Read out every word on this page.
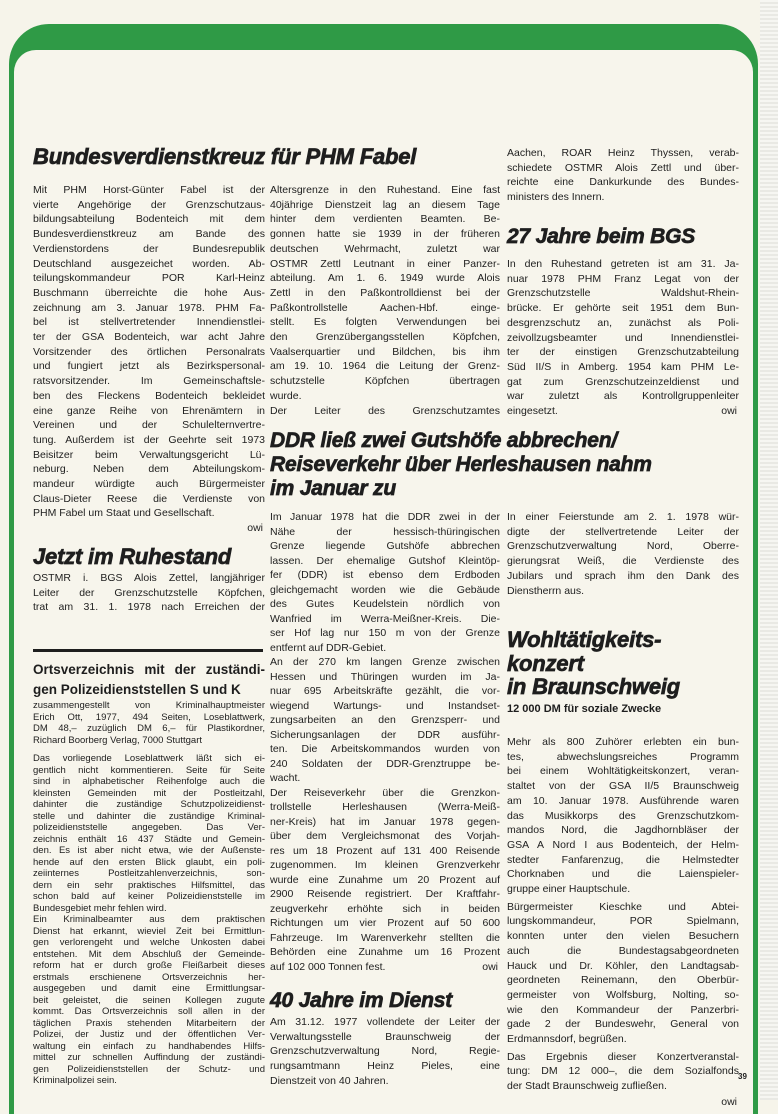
Bundesverdienstkreuz für PHM Fabel
Mit PHM Horst-Günter Fabel ist der
vierte Angehörige der Grenzschutzaus-
bildungsabteilung Bodenteich mit dem
Bundesverdienstkreuz am Bande des
Verdienstordens der Bundesrepublik
Deutschland ausgezeichet worden. Ab-
teilungskommandeur POR Karl-Heinz
Buschmann überreichte die hohe Aus-
zeichnung am 3. Januar 1978. PHM Fa-
bel ist stellvertretender Innendienstlei-
ter der GSA Bodenteich, war acht Jahre
Vorsitzender des örtlichen Personalrats
und fungiert jetzt als Bezirkspersonal-
ratsvorsitzender. Im Gemeinschaftsle-
ben des Fleckens Bodenteich bekleidet
eine ganze Reihe von Ehrenämtern in
Vereinen und der Schulelternvertre-
tung. Außerdem ist der Geehrte seit 1973
Beisitzer beim Verwaltungsgericht Lü-
neburg. Neben dem Abteilungskom-
mandeur würdigte auch Bürgermeister
Claus-Dieter Reese die Verdienste von
PHM Fabel um Staat und Gesellschaft.
owi
Jetzt im Ruhestand
OSTMR i. BGS Alois Zettel, langjähriger
Leiter der Grenzschutzstelle Köpfchen,
trat am 31. 1. 1978 nach Erreichen der
Altersgrenze in den Ruhestand. Eine fast
40jährige Dienstzeit lag an diesem Tage
hinter dem verdienten Beamten. Be-
gonnen hatte sie 1939 in der früheren
deutschen Wehrmacht, zuletzt war
OSTMR Zettl Leutnant in einer Panzer-
abteilung. Am 1. 6. 1949 wurde Alois
Zettl in den Paßkontrolldienst bei der
Paßkontrollstelle Aachen-Hbf. einge-
stellt. Es folgten Verwendungen bei
den Grenzübergangsstellen Köpfchen,
Vaalserquartier und Bildchen, bis ihm
am 19. 10. 1964 die Leitung der Grenz-
schutzstelle Köpfchen übertragen
wurde.
Der Leiter des Grenzschutzamtes
Aachen, ROAR Heinz Thyssen, verab-
schiedete OSTMR Alois Zettl und über-
reichte eine Dankurkunde des Bundes-
ministers des Innern.
27 Jahre beim BGS
In den Ruhestand getreten ist am 31. Ja-
nuar 1978 PHM Franz Legat von der
Grenzschutzstelle Waldshut-Rhein-
brücke. Er gehörte seit 1951 dem Bun-
desgrenzschutz an, zunächst als Poli-
zeivollzugsbeamter und Innendienstlei-
ter der einstigen Grenzschutzabteilung
Süd II/S in Amberg. 1954 kam PHM Le-
gat zum Grenzschutzeinzeldienst und
war zuletzt als Kontrollgruppenleiter
eingesetzt.	owi
Ortsverzeichnis mit der zuständi-
gen Polizeidienststellen S und K
zusammengestellt von Kriminalhauptmeister
Erich Ott, 1977, 494 Seiten, Loseblattwerk,
DM 48,– zuzüglich DM 6,– für Plastikordner,
Richard Boorberg Verlag, 7000 Stuttgart
Das vorliegende Loseblattwerk läßt sich ei-
gentlich nicht kommentieren. Seite für Seite
sind in alphabetischer Reihenfolge auch die
kleinsten Gemeinden mit der Postleitzahl,
dahinter die zuständige Schutzpolizeidienst-
stelle und dahinter die zuständige Kriminal-
polizeidienststelle angegeben. Das Ver-
zeichnis enthält 16 437 Städte und Gemein-
den. Es ist aber nicht etwa, wie der Außenste-
hende auf den ersten Blick glaubt, ein poli-
zeiinternes Postleitzahlenverzeichnis, son-
dern ein sehr praktisches Hilfsmittel, das
schon bald auf keiner Polizeidienststelle im
Bundesgebiet mehr fehlen wird.
Ein Kriminalbeamter aus dem praktischen
Dienst hat erkannt, wieviel Zeit bei Ermittlun-
gen verlorengeht und welche Unkosten dabei
entstehen. Mit dem Abschluß der Gemeinde-
reform hat er durch große Fleißarbeit dieses
erstmals erschienene Ortsverzeichnis her-
ausgegeben und damit eine Ermittlungsar-
beit geleistet, die seinen Kollegen zugute
kommt. Das Ortsverzeichnis soll allen in der
täglichen Praxis stehenden Mitarbeitern der
Polizei, der Justiz und der öffentlichen Ver-
waltung ein einfach zu handhabendes Hilfs-
mittel zur schnellen Auffindung der zuständi-
gen Polizeidienststellen der Schutz- und
Kriminalpolizei sein.
DDR ließ zwei Gutshöfe abbrechen/
Reiseverkehr über Herleshausen nahm
im Januar zu
Im Januar 1978 hat die DDR zwei in der
Nähe der hessisch-thüringischen
Grenze liegende Gutshöfe abbrechen
lassen. Der ehemalige Gutshof Kleintöp-
fer (DDR) ist ebenso dem Erdboden
gleichgemacht worden wie die Gebäude
des Gutes Keudelstein nördlich von
Wanfried im Werra-Meißner-Kreis. Die-
ser Hof lag nur 150 m von der Grenze
entfernt auf DDR-Gebiet.
An der 270 km langen Grenze zwischen
Hessen und Thüringen wurden im Ja-
nuar 695 Arbeitskräfte gezählt, die vor-
wiegend Wartungs- und Instandset-
zungsarbeiten an den Grenzsperr- und
Sicherungsanlagen der DDR ausführ-
ten. Die Arbeitskommandos wurden von
240 Soldaten der DDR-Grenztruppe be-
wacht.
Der Reiseverkehr über die Grenzkon-
trollstelle Herleshausen (Werra-Meiß-
ner-Kreis) hat im Januar 1978 gegen-
über dem Vergleichsmonat des Vorjah-
res um 18 Prozent auf 131 400 Reisende
zugenommen. Im kleinen Grenzverkehr
wurde eine Zunahme um 20 Prozent auf
2900 Reisende registriert. Der Kraftfahr-
zeugverkehr erhöhte sich in beiden
Richtungen um vier Prozent auf 50 600
Fahrzeuge. Im Warenverkehr stellten die
Behörden eine Zunahme um 16 Prozent
auf 102 000 Tonnen fest.	owi
40 Jahre im Dienst
Am 31.12. 1977 vollendete der Leiter der
Verwaltungsstelle Braunschweig der
Grenzschutzverwaltung Nord, Regie-
rungsamtmann Heinz Pieles, eine
Dienstzeit von 40 Jahren.
In einer Feierstunde am 2. 1. 1978 wür-
digte der stellvertretende Leiter der
Grenzschutzverwaltung Nord, Oberre-
gierungsrat Weiß, die Verdienste des
Jubilars und sprach ihm den Dank des
Dienstherrn aus.
Wohltätigkeits-
konzert
in Braunschweig
12 000 DM für soziale Zwecke
Mehr als 800 Zuhörer erlebten ein bun-
tes, abwechslungsreiches Programm
bei einem Wohltätigkeitskonzert, veran-
staltet von der GSA II/5 Braunschweig
am 10. Januar 1978. Ausführende waren
das Musikkorps des Grenzschutzkom-
mandos Nord, die Jagdhornbläser der
GSA A Nord I aus Bodenteich, der Helm-
stedter Fanfarenzug, die Helmstedter
Chorknaben und die Laienspieler-
gruppe einer Hauptschule.
Bürgermeister Kieschke und Abtei-
lungskommandeur, POR Spielmann,
konnten unter den vielen Besuchern
auch die Bundestagsabgeordneten
Hauck und Dr. Köhler, den Landtagsab-
geordneten Reinemann, den Oberbür-
germeister von Wolfsburg, Nolting, so-
wie den Kommandeur der Panzerbri-
gade 2 der Bundeswehr, General von
Erdmannsdorf, begrüßen.
Das Ergebnis dieser Konzertveranstal-
tung: DM 12 000–, die dem Sozialfonds
der Stadt Braunschweig zufließen.
owi
39
